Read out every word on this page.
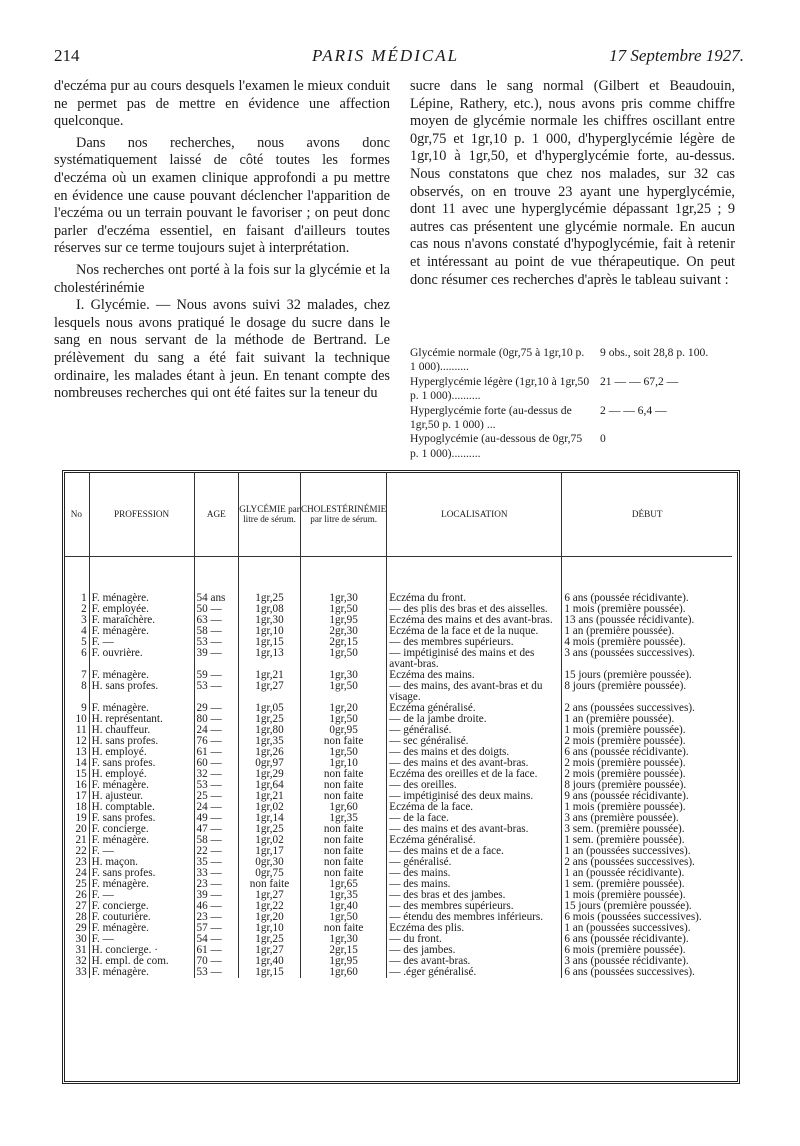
214	PARIS MÉDICAL	17 Septembre 1927.

d'eczéma pur au cours desquels l'examen le mieux conduit ne permet pas de mettre en évidence une affection quelconque.

Dans nos recherches, nous avons donc systématiquement laissé de côté toutes les formes d'eczéma où un examen clinique approfondi a pu mettre en évidence une cause pouvant déclencher l'apparition de l'eczéma ou un terrain pouvant le favoriser ; on peut donc parler d'eczéma essentiel, en faisant d'ailleurs toutes réserves sur ce terme toujours sujet à interprétation.

Nos recherches ont porté à la fois sur la glycémie et la cholestérinémie

I. Glycémie. — Nous avons suivi 32 malades, chez lesquels nous avons pratiqué le dosage du sucre dans le sang en nous servant de la méthode de Bertrand. Le prélèvement du sang a été fait suivant la technique ordinaire, les malades étant à jeun. En tenant compte des nombreuses recherches qui ont été faites sur la teneur du

sucre dans le sang normal (Gilbert et Beaudouin, Lépine, Rathery, etc.), nous avons pris comme chiffre moyen de glycémie normale les chiffres oscillant entre 0gr,75 et 1gr,10 p. 1 000, d'hyperglycémie légère de 1gr,10 à 1gr,50, et d'hyperglycémie forte, au-dessus. Nous constatons que chez nos malades, sur 32 cas observés, on en trouve 23 ayant une hyperglycémie, dont 11 avec une hyperglycémie dépassant 1gr,25 ; 9 autres cas présentent une glycémie normale. En aucun cas nous n'avons constaté d'hypoglycémie, fait à retenir et intéressant au point de vue thérapeutique. On peut donc résumer ces recherches d'après le tableau suivant :

Glycémie normale (0gr,75 à 1gr,10 p. 1 000)..........
9 obs., soit 28,8 p. 100.
Hyperglycémie légère (1gr,10 à 1gr,50 p. 1 000)..........
21 — — 67,2 —
Hyperglycémie forte (au-dessus de 1gr,50 p. 1 000) ...
2 — — 6,4 —
Hypoglycémie (au-dessous de 0gr,75 p. 1 000)..........
0
No	PROFESSION	AGE	GLYCÉMIE par litre de sérum.	CHOLESTÉRINÉMIE par litre de sérum.	LOCALISATION	DÉBUT

1	F. ménagère.	54 ans	1gr,25	1gr,30	Eczéma du front.	6 ans (poussée récidivante).
2	F. employée.	50 —	1gr,08	1gr,50	— des plis des bras et des aisselles.	1 mois (première poussée).
3	F. maraîchère.	63 —	1gr,30	1gr,95	Eczéma des mains et des avant-bras.	13 ans (poussée récidivante).
4	F. ménagère.	58 —	1gr,10	2gr,30	Eczéma de la face et de la nuque.	1 an (première poussée).
5	F. —	53 —	1gr,15	2gr,15	— des membres supérieurs.	4 mois (première poussée).
6	F. ouvrière.	39 —	1gr,13	1gr,50	— impétiginisé des mains et des avant-bras.	3 ans (poussées successives).
7	F. ménagère.	59 —	1gr,21	1gr,30	Eczéma des mains.	15 jours (première poussée).
8	H. sans profes.	53 —	1gr,27	1gr,50	— des mains, des avant-bras et du visage.	8 jours (première poussée).
9	F. ménagère.	29 —	1gr,05	1gr,20	Eczéma généralisé.	2 ans (poussées successives).
10	H. représentant.	80 —	1gr,25	1gr,50	— de la jambe droite.	1 an (première poussée).
11	H. chauffeur.	24 —	1gr,80	0gr,95	— généralisé.	1 mois (première poussée).
12	H. sans profes.	76 —	1gr,35	non faite	— sec généralisé.	2 mois (première poussée).
13	H. employé.	61 —	1gr,26	1gr,50	— des mains et des doigts.	6 ans (poussée récidivante).
14	F. sans profes.	60 —	0gr,97	1gr,10	— des mains et des avant-bras.	2 mois (première poussée).
15	H. employé.	32 —	1gr,29	non faite	Eczéma des oreilles et de la face.	2 mois (première poussée).
16	F. ménagère.	53 —	1gr,64	non faite	— des oreilles.	8 jours (première poussée).
17	H. ajusteur.	25 —	1gr,21	non faite	— impétiginisé des deux mains.	9 ans (poussée récidivante).
18	H. comptable.	24 —	1gr,02	1gr,60	Eczéma de la face.	1 mois (première poussée).
19	F. sans profes.	49 —	1gr,14	1gr,35	— de la face.	3 ans (première poussée).
20	F. concierge.	47 —	1gr,25	non faite	— des mains et des avant-bras.	3 sem. (première poussée).
21	F. ménagère.	58 —	1gr,02	non faite	Eczéma généralisé.	1 sem. (première poussée).
22	F. —	22 —	1gr,17	non faite	— des mains et de a face.	1 an (poussées successives).
23	H. maçon.	35 —	0gr,30	non faite	— généralisé.	2 ans (poussées successives).
24	F. sans profes.	33 —	0gr,75	non faite	— des mains.	1 an (poussée récidivante).
25	F. ménagère.	23 —	non faite	1gr,65	— des mains.	1 sem. (première poussée).
26	F. —	39 —	1gr,27	1gr,35	— des bras et des jambes.	1 mois (première poussée).
27	F. concierge.	46 —	1gr,22	1gr,40	— des membres supérieurs.	15 jours (première poussée).
28	F. couturière.	23 —	1gr,20	1gr,50	— étendu des membres inférieurs.	6 mois (poussées successives).
29	F. ménagère.	57 —	1gr,10	non faite	Eczéma des plis.	1 an (poussées successives).
30	F. —	54 —	1gr,25	1gr,30	— du front.	6 ans (poussée récidivante).
31	H. concierge. ·	61 —	1gr,27	2gr,15	— des jambes.	6 mois (première poussée).
32	H. empl. de com.	70 —	1gr,40	1gr,95	— des avant-bras.	3 ans (poussée récidivante).
33	F. ménagère.	53 —	1gr,15	1gr,60	— .éger généralisé.	6 ans (poussées successives).
